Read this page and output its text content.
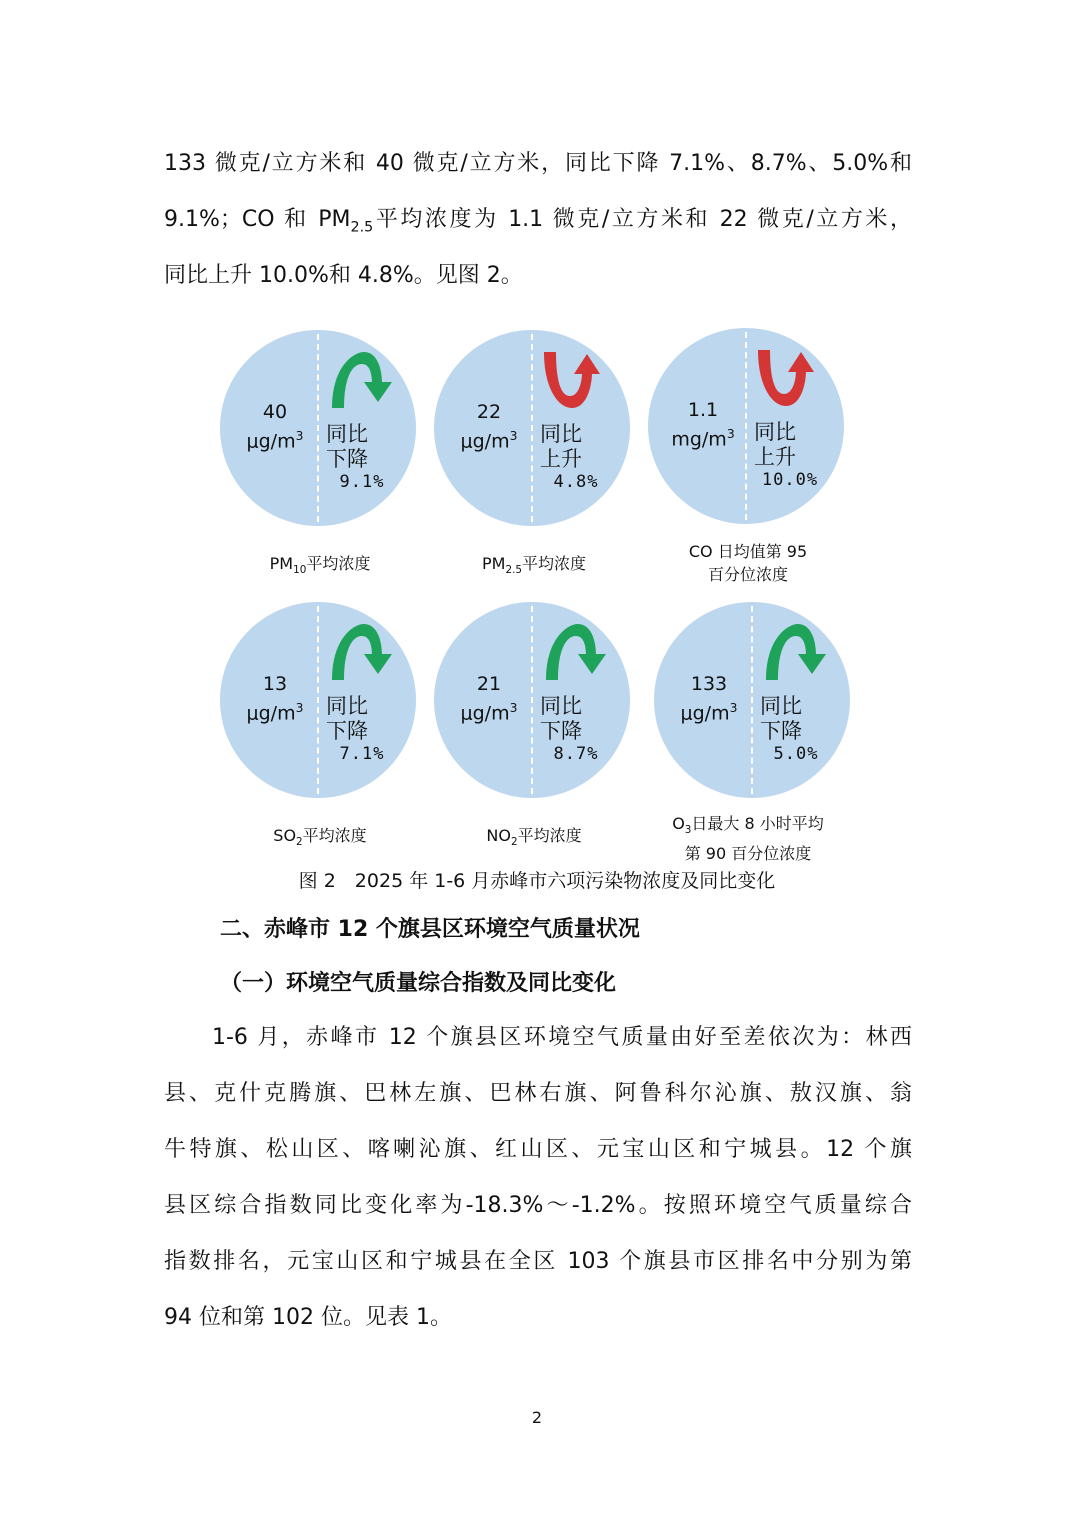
133 微克/立方米和 40 微克/立方米，同比下降 7.1%、8.7%、5.0%和
9.1%；CO 和 $PM_{2.5}$平均浓度为 1.1 微克/立方米和 22 微克/立方米，
同比上升 10.0%和 4.8%。见图 2。
40
$\mu g/m^3$	同比
下降
9.1%
$PM_{10}$平均浓度
22
$\mu g/m^3$	同比
上升
4.8%
$PM_{2.5}$平均浓度
1.1
$mg/m^3$ 同比
上升
10.0%
CO 日均值第 95
百分位浓度
13
$\mu g/m^3$	同比
下降
7.1%
$SO_2$平均浓度
21
$\mu g/m^3$	同比
下降
8.7%
$NO_2$平均浓度
133
$\mu g/m^3$	同比
下降
5.0%
$O_3$日最大 8 小时平均
第 90 百分位浓度
图 2　2025 年 1-6 月赤峰市六项污染物浓度及同比变化
二、赤峰市 12 个旗县区环境空气质量状况
（一）环境空气质量综合指数及同比变化
1-6 月，赤峰市 12 个旗县区环境空气质量由好至差依次为：林西
县、克什克腾旗、巴林左旗、巴林右旗、阿鲁科尔沁旗、敖汉旗、翁
牛特旗、松山区、喀喇沁旗、红山区、元宝山区和宁城县。12 个旗
县区综合指数同比变化率为-18.3%～-1.2%。按照环境空气质量综合
指数排名，元宝山区和宁城县在全区 103 个旗县市区排名中分别为第
94 位和第 102 位。见表 1。
2
